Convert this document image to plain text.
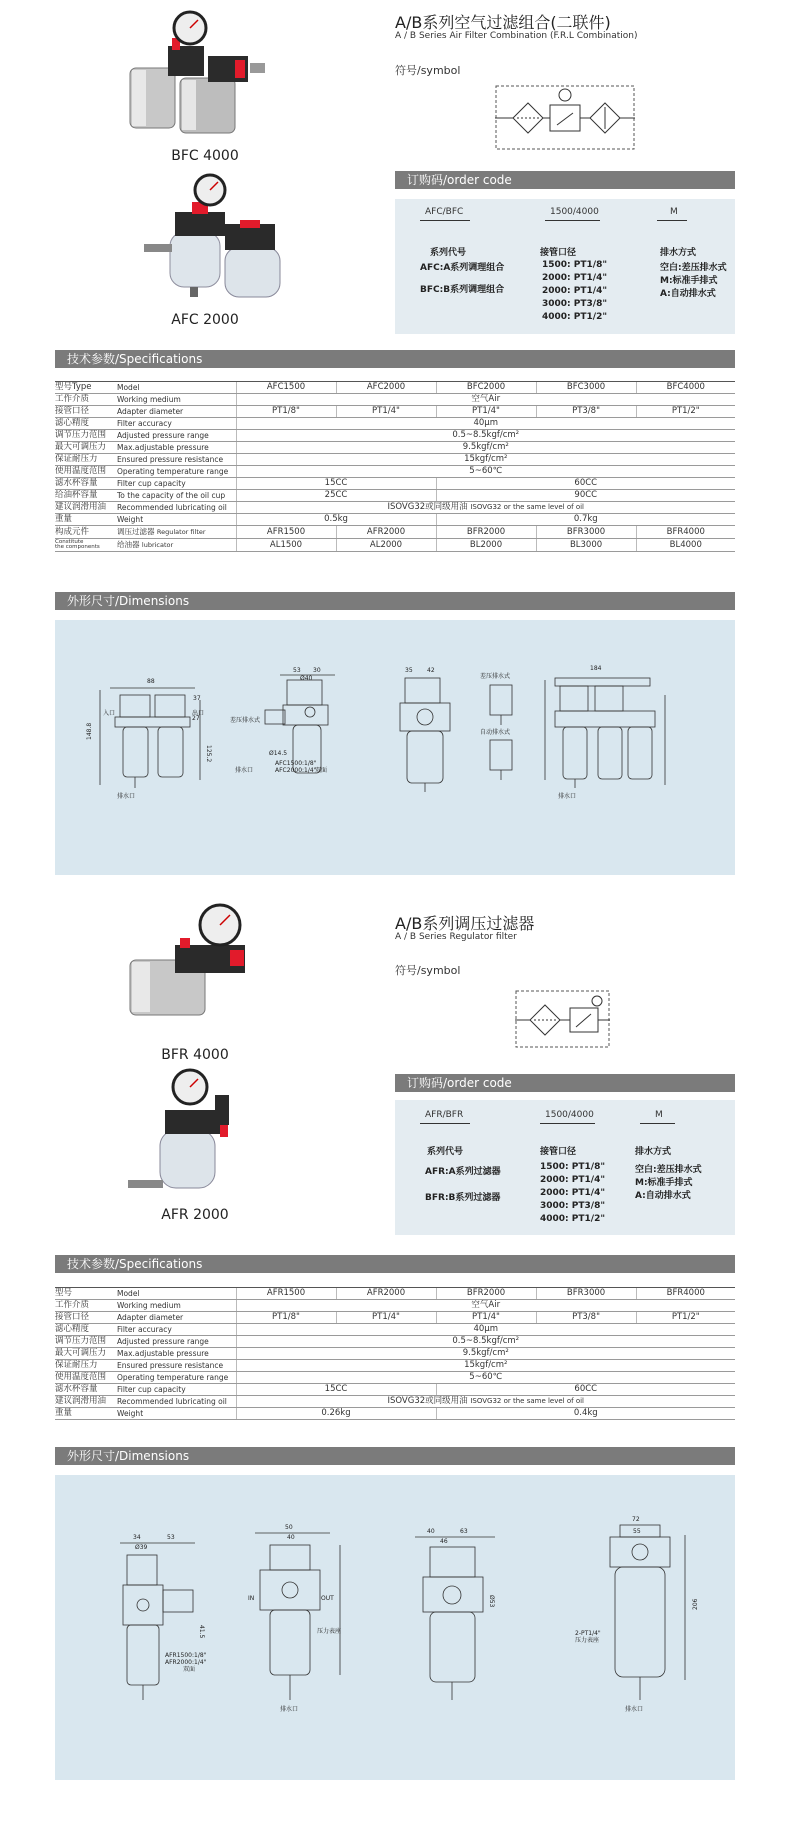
BFC 4000
AFC 2000
A/B系列空气过滤组合(二联件)
A / B Series Air Filter Combination (F.R.L Combination)
符号/symbol
订购码/order code
AFC/BFC	1500/4000	M
系列代号
AFC:A系列调理组合
BFC:B系列调理组合
接管口径
1500: PT1/8"
2000: PT1/4"
2000: PT1/4"
3000: PT3/8"
4000: PT1/2"
排水方式
空白:差压排水式
M:标准手排式
A:自动排水式
技术参数/Specifications
型号Type	Model	AFC1500	AFC2000	BFC2000	BFC3000	BFC4000
工作介质	Working medium	空气Air				
接管口径	Adapter diameter	PT1/8"	PT1/4"	PT1/4"	PT3/8"	PT1/2"
滤心精度	Filter accuracy	40μm				
调节压力范围	Adjusted pressure range	0.5~8.5kgf/cm²				
最大可调压力	Max.adjustable pressure	9.5kgf/cm²				
保证耐压力	Ensured pressure resistance	15kgf/cm²				
使用温度范围	Operating temperature range	5~60℃				
滤水杯容量	Filter cup capacity	15CC		60CC		
给油杯容量	To the capacity of the oil cup	25CC		90CC		
建议润滑用油	Recommended lubricating oil	ISOVG32或同级用油 ISOVG32 or the same level of oil				
重量	Weight	0.5kg		0.7kg		
构成元件	调压过滤器 Regulator filter	AFR1500	AFR2000	BFR2000	BFR3000	BFR4000
Constitute
the components	给油器 lubricator	AL1500	AL2000	BL2000	BL3000	BL4000
外形尺寸/Dimensions
88
148.8
125.2
入口	出口
排水口
37
27	差压排水式
排水口
53 30
Ø40
Ø14.5
AFC1500:1/8"
AFC2000:1/4"
双面
35 42
差压排水式
自动排水式
184
排水口
BFR 4000
AFR 2000
A/B系列调压过滤器
A / B Series Regulator filter
符号/symbol
订购码/order code
AFR/BFR	1500/4000	M
系列代号
AFR:A系列过滤器
BFR:B系列过滤器
接管口径
1500: PT1/8"
2000: PT1/4"
2000: PT1/4"
3000: PT3/8"
4000: PT1/2"
排水方式
空白:差压排水式
M:标准手排式
A:自动排水式
技术参数/Specifications
型号	Model	AFR1500	AFR2000	BFR2000	BFR3000	BFR4000
工作介质	Working medium	空气Air				
接管口径	Adapter diameter	PT1/8"	PT1/4"	PT1/4"	PT3/8"	PT1/2"
滤心精度	Filter accuracy	40μm				
调节压力范围	Adjusted pressure range	0.5~8.5kgf/cm²				
最大可调压力	Max.adjustable pressure	9.5kgf/cm²				
保证耐压力	Ensured pressure resistance	15kgf/cm²				
使用温度范围	Operating temperature range	5~60℃				
滤水杯容量	Filter cup capacity	15CC		60CC		
建议润滑用油	Recommended lubricating oil	ISOVG32或同级用油 ISOVG32 or the same level of oil				
重量	Weight	0.26kg		0.4kg		
外形尺寸/Dimensions
34	53
Ø39
41.5
AFR1500:1/8"
AFR2000:1/4"
双面
50
40
IN	OUT
压力表座
排水口
40	63
46
Ø53
72
55
206
2-PT1/4"
压力表座
排水口
